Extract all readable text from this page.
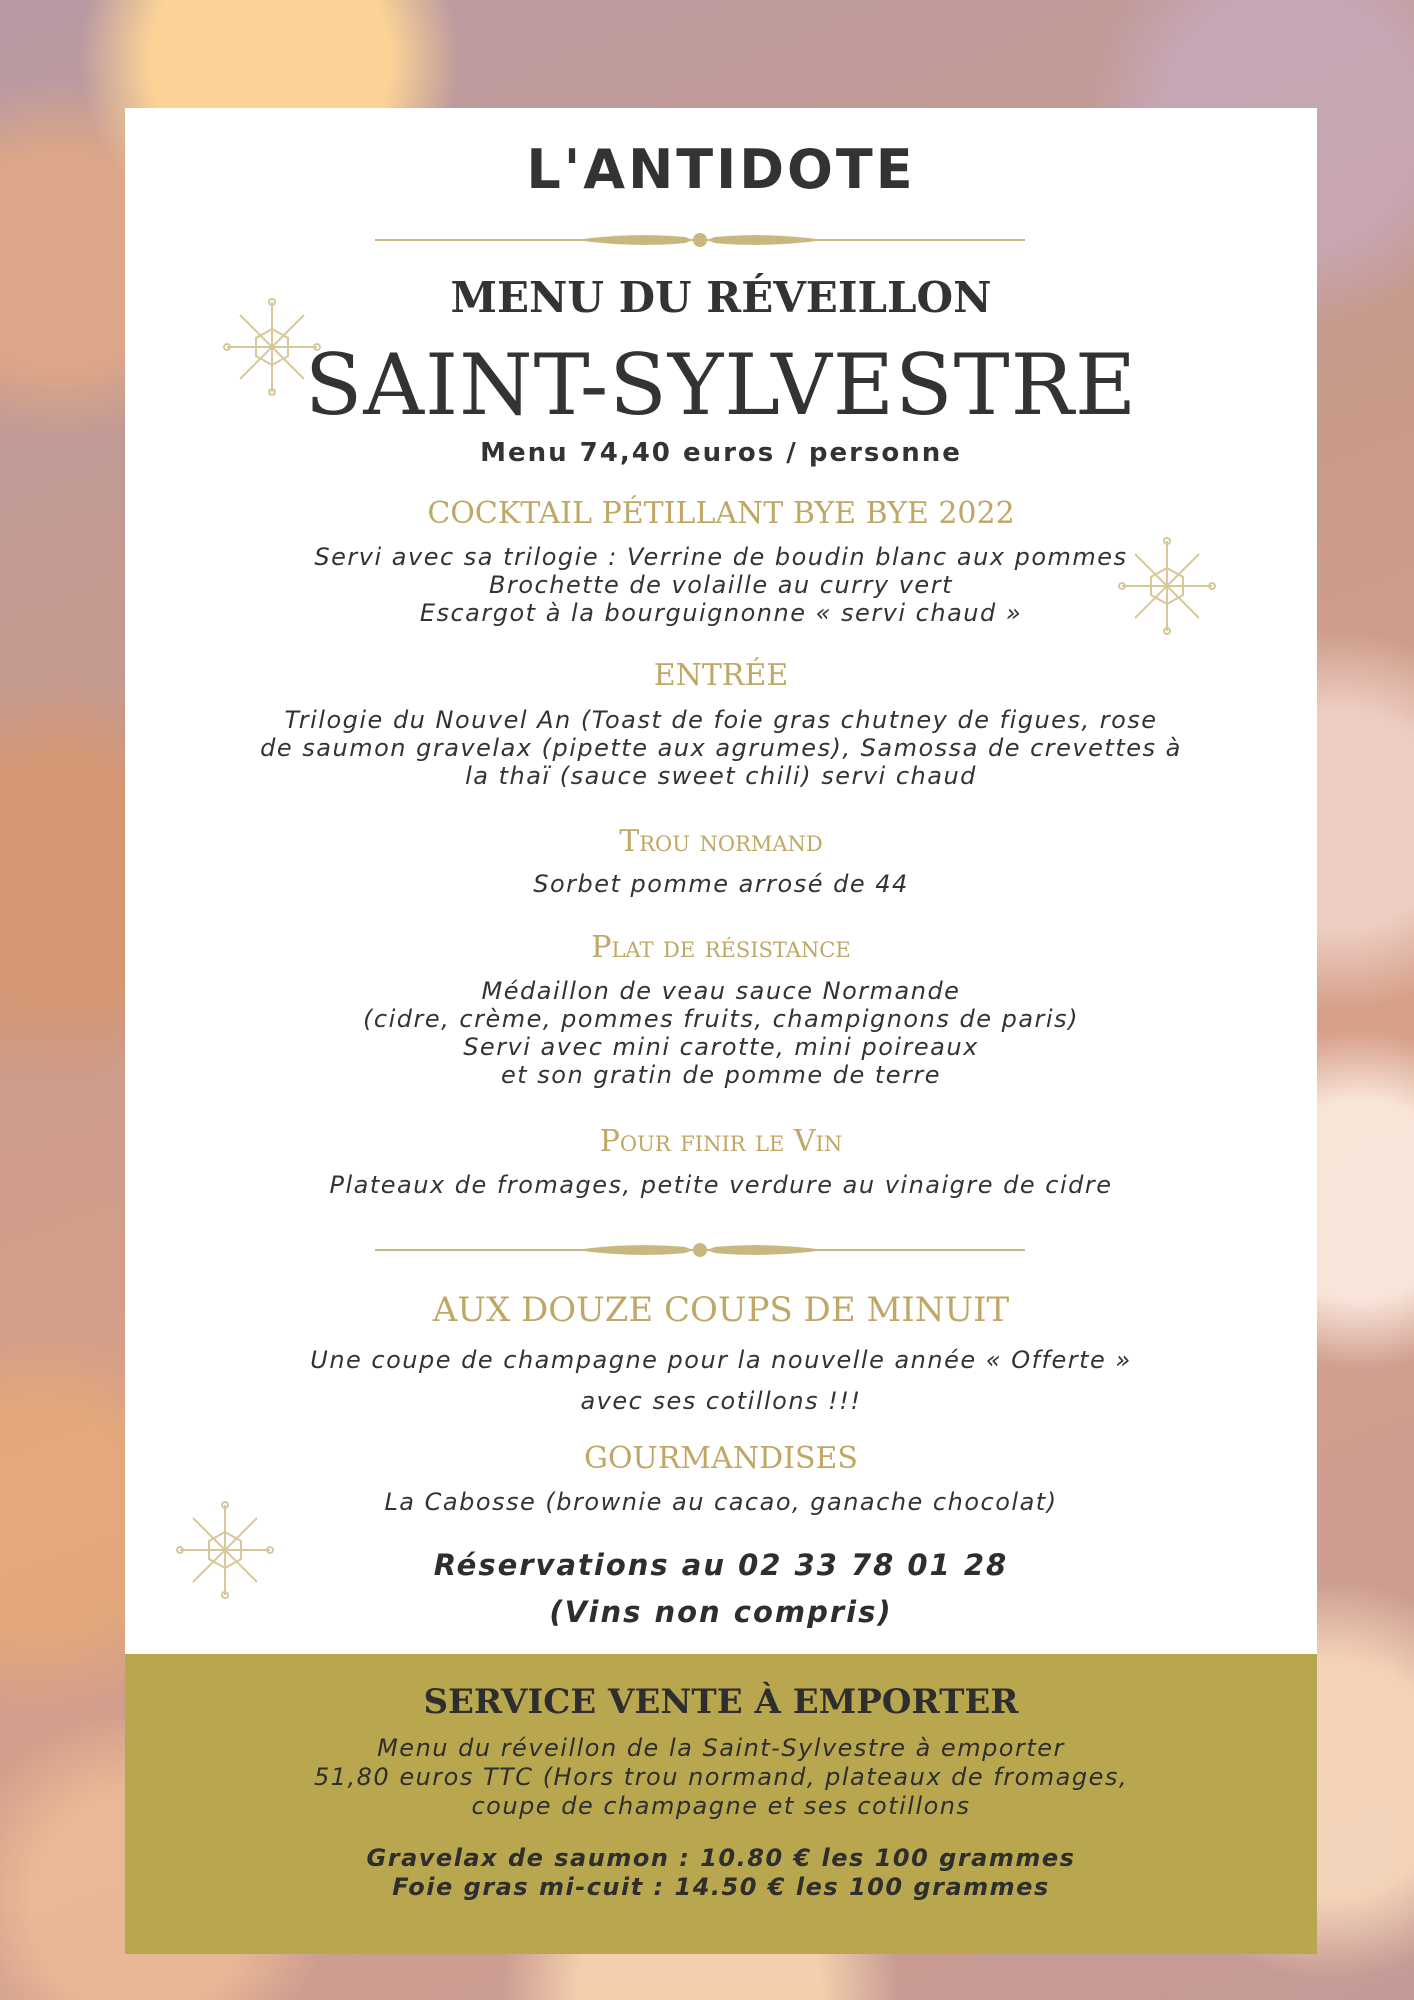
L'ANTIDOTE
MENU DU RÉVEILLON
SAINT-SYLVESTRE
Menu 74,40 euros / personne
COCKTAIL PÉTILLANT BYE BYE 2022
Servi avec sa trilogie : Verrine de boudin blanc aux pommes
Brochette de volaille au curry vert
Escargot à la bourguignonne « servi chaud »
ENTRÉE
Trilogie du Nouvel An (Toast de foie gras chutney de figues, rose
de saumon gravelax (pipette aux agrumes), Samossa de crevettes à
la thaï (sauce sweet chili) servi chaud
Trou normand
Sorbet pomme arrosé de 44
Plat de résistance
Médaillon de veau sauce Normande
(cidre, crème, pommes fruits, champignons de paris)
Servi avec mini carotte, mini poireaux
et son gratin de pomme de terre
Pour finir le Vin
Plateaux de fromages, petite verdure au vinaigre de cidre
AUX DOUZE COUPS DE MINUIT
Une coupe de champagne pour la nouvelle année « Offerte »
avec ses cotillons !!!
GOURMANDISES
La Cabosse (brownie au cacao, ganache chocolat)
Réservations au 02 33 78 01 28
(Vins non compris)
SERVICE VENTE À EMPORTER
Menu du réveillon de la Saint-Sylvestre à emporter
51,80 euros TTC (Hors trou normand, plateaux de fromages,
coupe de champagne et ses cotillons
Gravelax de saumon : 10.80 € les 100 grammes
Foie gras mi-cuit : 14.50 € les 100 grammes
